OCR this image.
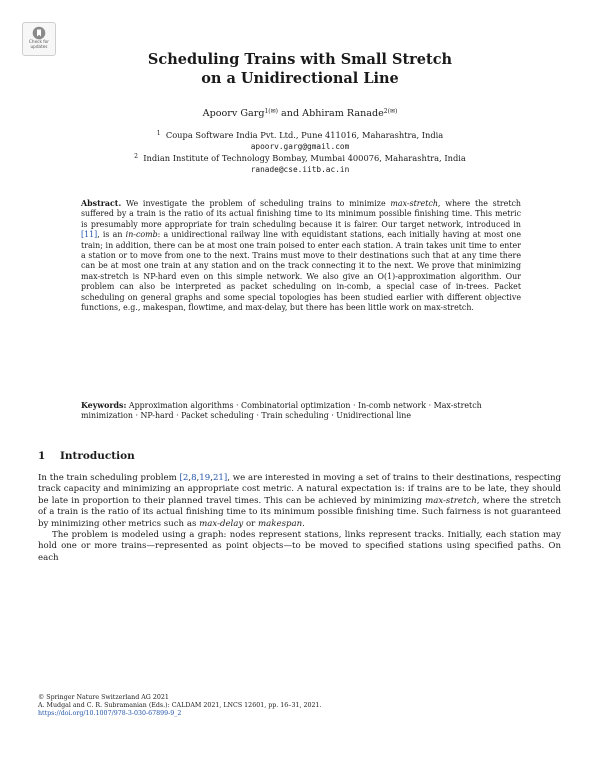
Check for
updates
Scheduling Trains with Small Stretch
on a Unidirectional Line
Apoorv Garg$^{1(✉)}$ and Abhiram Ranade$^{2(✉)}$
$^1$ Coupa Software India Pvt. Ltd., Pune 411016, Maharashtra, India
apoorv.garg@gmail.com
$^2$ Indian Institute of Technology Bombay, Mumbai 400076, Maharashtra, India
ranade@cse.iitb.ac.in
Abstract. We investigate the problem of scheduling trains to minimize max-stretch, where the stretch suffered by a train is the ratio of its actual finishing time to its minimum possible finishing time. This metric is presumably more appropriate for train scheduling because it is fairer. Our target network, introduced in [11], is an in-comb: a unidirectional railway line with equidistant stations, each initially having at most one train; in addition, there can be at most one train poised to enter each station. A train takes unit time to enter a station or to move from one to the next. Trains must move to their destinations such that at any time there can be at most one train at any station and on the track connecting it to the next. We prove that minimizing max-stretch is NP-hard even on this simple network. We also give an O(1)-approximation algorithm. Our problem can also be interpreted as packet scheduling on in-comb, a special case of in-trees. Packet scheduling on general graphs and some special topologies has been studied earlier with different objective functions, e.g., makespan, flowtime, and max-delay, but there has been little work on max-stretch.
Keywords: Approximation algorithms · Combinatorial optimization · In-comb network · Max-stretch minimization · NP-hard · Packet scheduling · Train scheduling · Unidirectional line
1 Introduction

In the train scheduling problem [2,8,19,21], we are interested in moving a set of trains to their destinations, respecting track capacity and minimizing an appropriate cost metric. A natural expectation is: if trains are to be late, they should be late in proportion to their planned travel times. This can be achieved by minimizing max-stretch, where the stretch of a train is the ratio of its actual finishing time to its minimum possible finishing time. Such fairness is not guaranteed by minimizing other metrics such as max-delay or makespan.

The problem is modeled using a graph: nodes represent stations, links represent tracks. Initially, each station may hold one or more trains—represented as point objects—to be moved to specified stations using specified paths. On each

© Springer Nature Switzerland AG 2021
A. Mudgal and C. R. Subramanian (Eds.): CALDAM 2021, LNCS 12601, pp. 16–31, 2021.
https://doi.org/10.1007/978-3-030-67899-9_2
